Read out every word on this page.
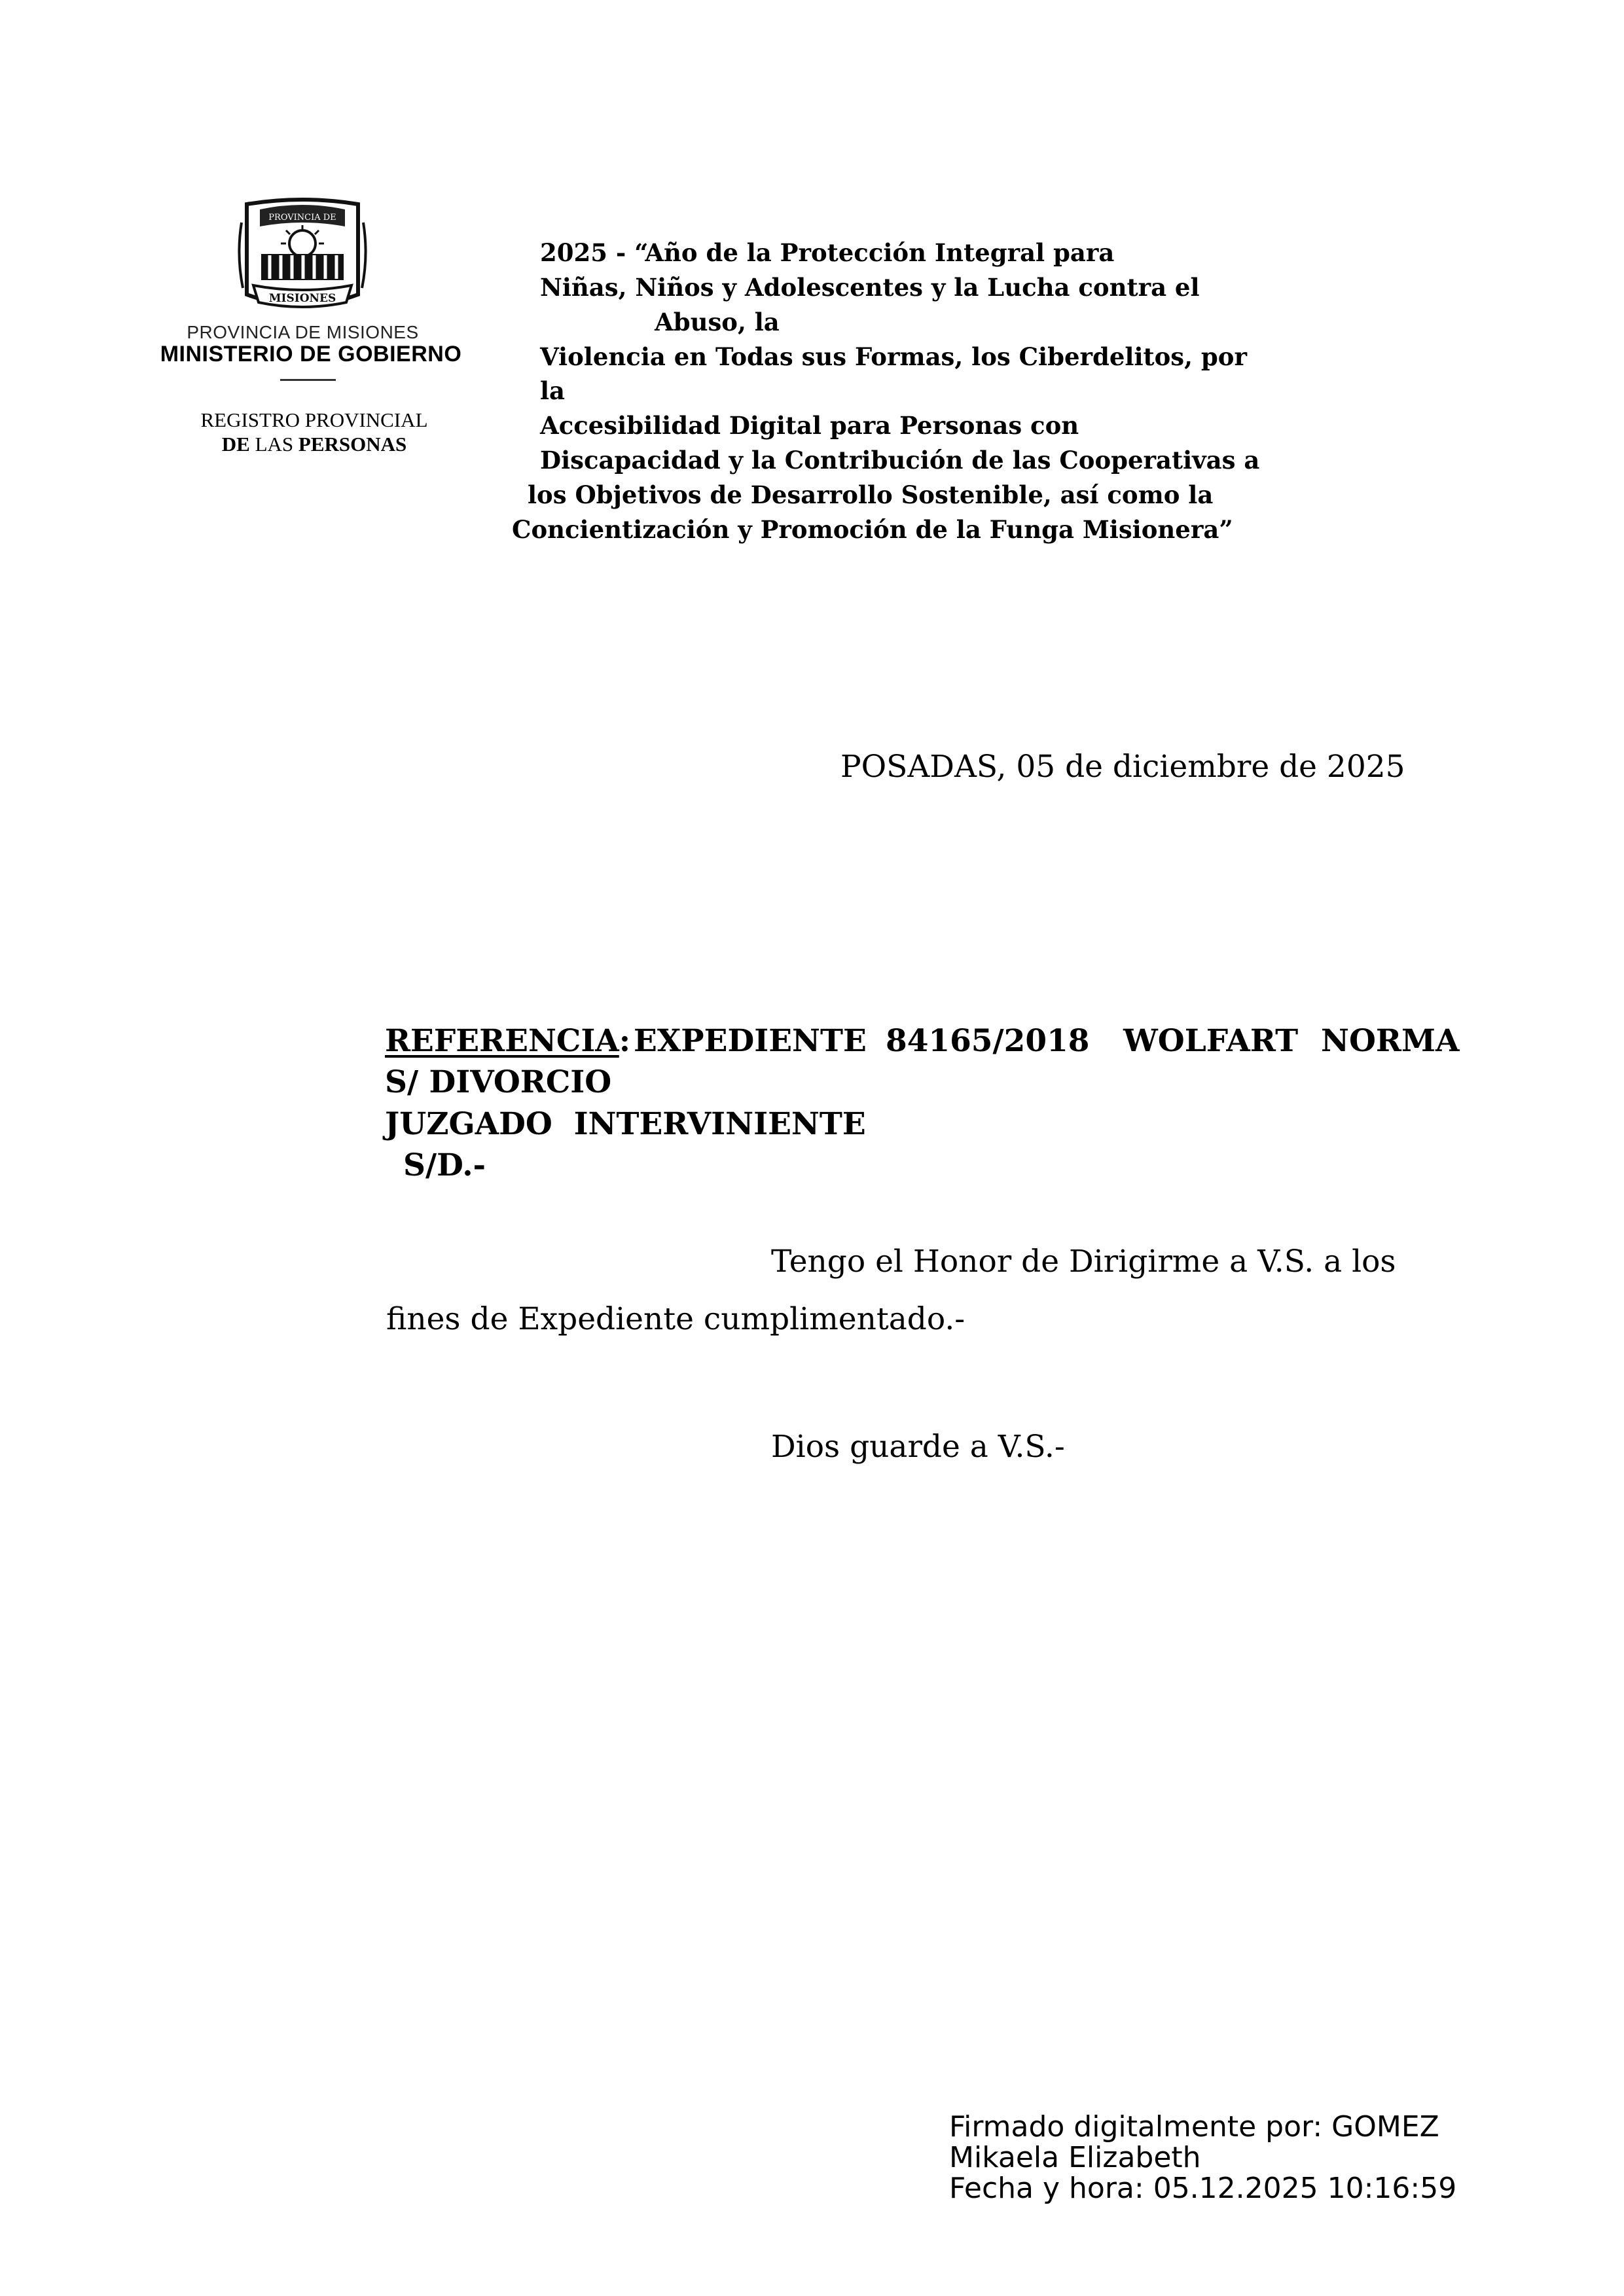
PROVINCIA DE
MISIONES
PROVINCIA DE MISIONES
MINISTERIO DE GOBIERNO
REGISTRO PROVINCIAL
DE LAS PERSONAS
2025 - “Año de la Protección Integral para
Niñas, Niños y Adolescentes y la Lucha contra el
Abuso, la
Violencia en Todas sus Formas, los Ciberdelitos, por
la
Accesibilidad Digital para Personas con
Discapacidad y la Contribución de las Cooperativas a
los Objetivos de Desarrollo Sostenible, así como la
Concientización y Promoción de la Funga Misionera”
POSADAS, 05 de diciembre de 2025
REFERENCIA: EXPEDIENTE 84165/2018 WOLFART NORMA
S/ DIVORCIO
JUZGADO  INTERVINIENTE
S/D.-
Tengo el Honor de Dirigirme a V.S. a los
fines de Expediente cumplimentado.-
Dios guarde a V.S.-
Firmado digitalmente por: GOMEZ
Mikaela Elizabeth
Fecha y hora: 05.12.2025 10:16:59
